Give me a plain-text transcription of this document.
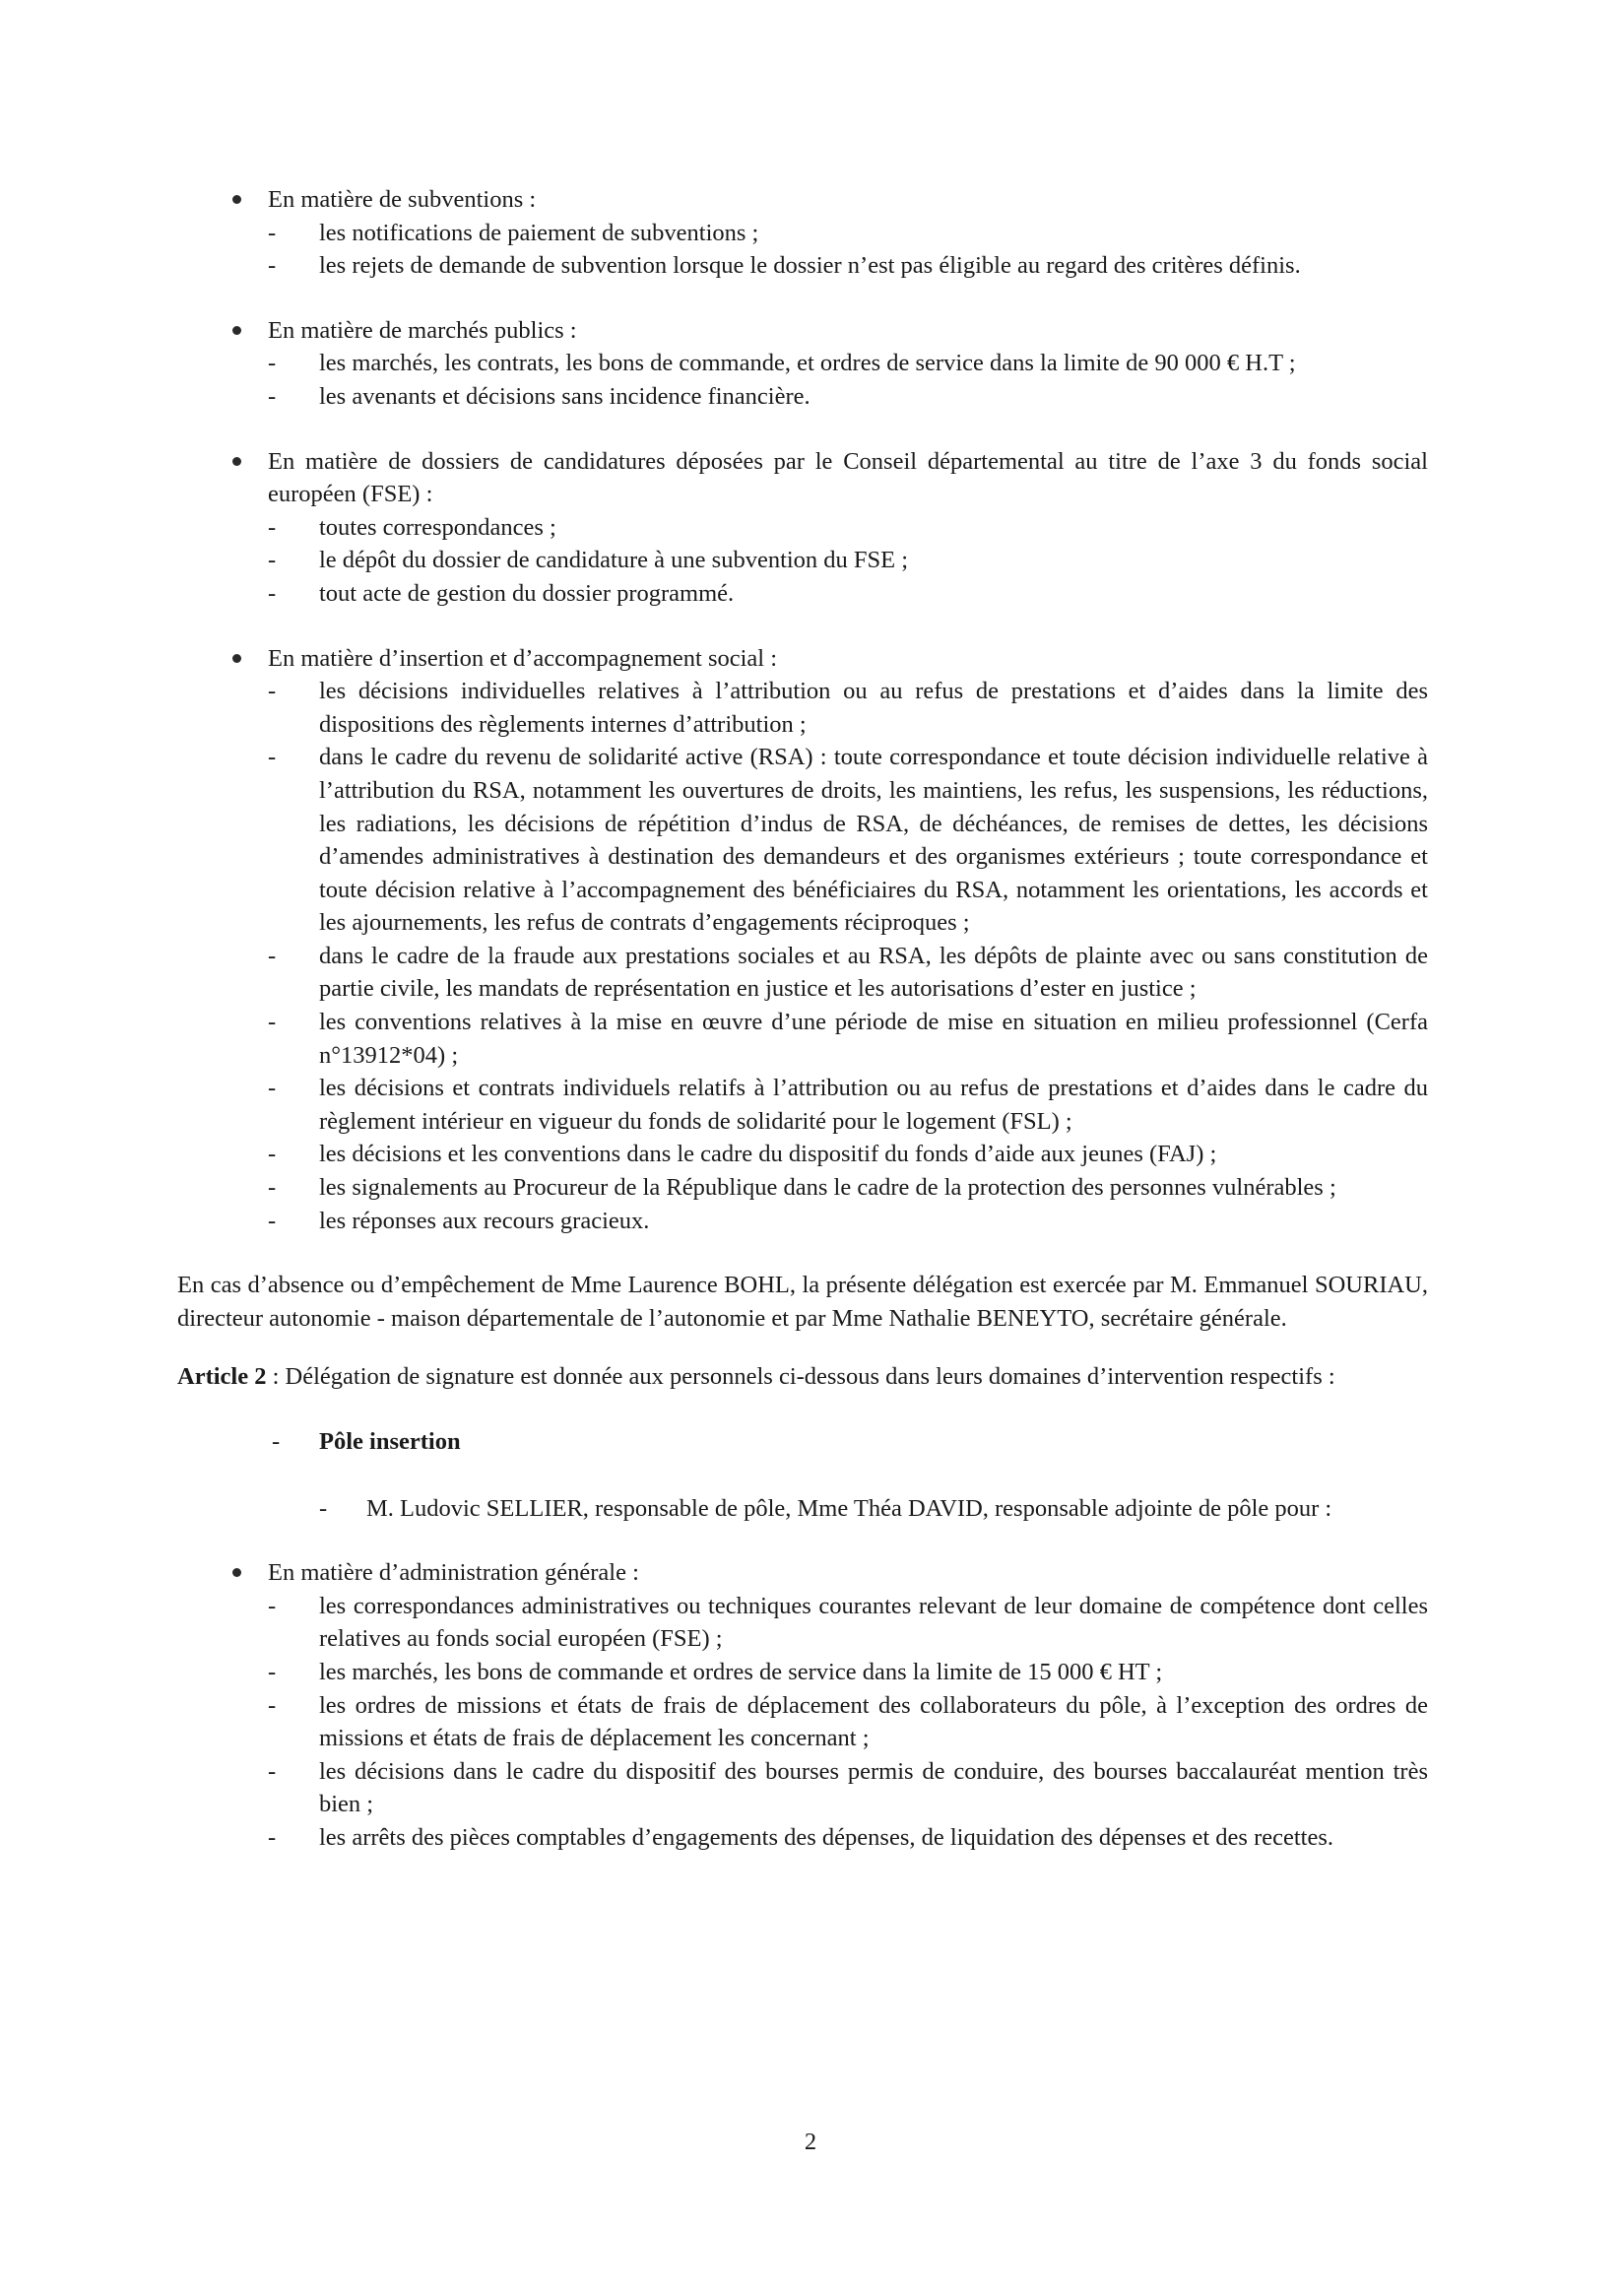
En matière de subventions :
- les notifications de paiement de subventions ;
- les rejets de demande de subvention lorsque le dossier n’est pas éligible au regard des critères définis.
En matière de marchés publics :
- les marchés, les contrats, les bons de commande, et ordres de service dans la limite de 90 000 € H.T ;
- les avenants et décisions sans incidence financière.
En matière de dossiers de candidatures déposées par le Conseil départemental au titre de l’axe 3 du fonds social européen (FSE) :
- toutes correspondances ;
- le dépôt du dossier de candidature à une subvention du FSE ;
- tout acte de gestion du dossier programmé.
En matière d’insertion et d’accompagnement social :
- les décisions individuelles relatives à l’attribution ou au refus de prestations et d’aides dans la limite des dispositions des règlements internes d’attribution ;
- dans le cadre du revenu de solidarité active (RSA) : toute correspondance et toute décision individuelle relative à l’attribution du RSA, notamment les ouvertures de droits, les maintiens, les refus, les suspensions, les réductions, les radiations, les décisions de répétition d’indus de RSA, de déchéances, de remises de dettes, les décisions d’amendes administratives à destination des demandeurs et des organismes extérieurs ; toute correspondance et toute décision relative à l’accompagnement des bénéficiaires du RSA, notamment les orientations, les accords et les ajournements, les refus de contrats d’engagements réciproques ;
- dans le cadre de la fraude aux prestations sociales et au RSA, les dépôts de plainte avec ou sans constitution de partie civile, les mandats de représentation en justice et les autorisations d’ester en justice ;
- les conventions relatives à la mise en œuvre d’une période de mise en situation en milieu professionnel (Cerfa n°13912*04) ;
- les décisions et contrats individuels relatifs à l’attribution ou au refus de prestations et d’aides dans le cadre du règlement intérieur en vigueur du fonds de solidarité pour le logement (FSL) ;
- les décisions et les conventions dans le cadre du dispositif du fonds d’aide aux jeunes (FAJ) ;
- les signalements au Procureur de la République dans le cadre de la protection des personnes vulnérables ;
- les réponses aux recours gracieux.

En cas d’absence ou d’empêchement de Mme Laurence BOHL, la présente délégation est exercée par M. Emmanuel SOURIAU, directeur autonomie - maison départementale de l’autonomie et par Mme Nathalie BENEYTO, secrétaire générale.

Article 2 : Délégation de signature est donnée aux personnels ci-dessous dans leurs domaines d’intervention respectifs :

- Pôle insertion
- M. Ludovic SELLIER, responsable de pôle, Mme Théa DAVID, responsable adjointe de pôle pour :
En matière d’administration générale :
- les correspondances administratives ou techniques courantes relevant de leur domaine de compétence dont celles relatives au fonds social européen (FSE) ;
- les marchés, les bons de commande et ordres de service dans la limite de 15 000 € HT ;
- les ordres de missions et états de frais de déplacement des collaborateurs du pôle, à l’exception des ordres de missions et états de frais de déplacement les concernant ;
- les décisions dans le cadre du dispositif des bourses permis de conduire, des bourses baccalauréat mention très bien ;
- les arrêts des pièces comptables d’engagements des dépenses, de liquidation des dépenses et des recettes.
2
